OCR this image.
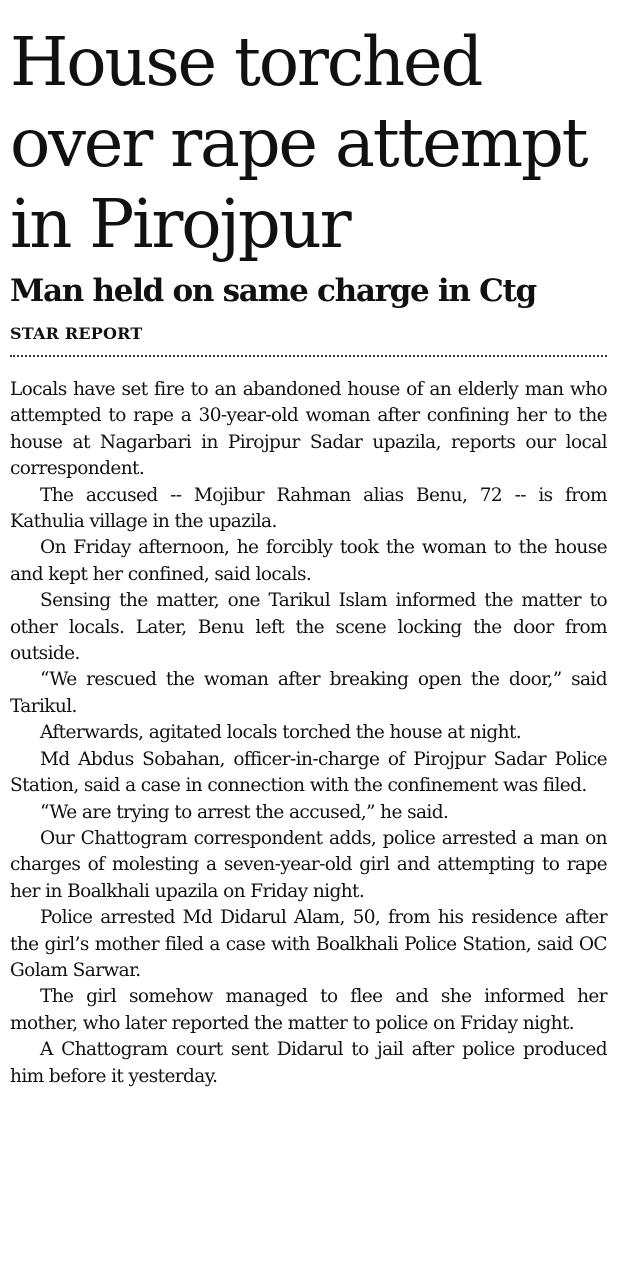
House torched over rape attempt in Pirojpur
Man held on same charge in Ctg
STAR REPORT

Locals have set fire to an abandoned house of an elderly man who attempted to rape a 30-year-old woman after confining her to the house at Nagarbari in Pirojpur Sadar upazila, reports our local correspondent.

The accused -- Mojibur Rahman alias Benu, 72 -- is from Kathulia village in the upazila.

On Friday afternoon, he forcibly took the woman to the house and kept her confined, said locals.

Sensing the matter, one Tarikul Islam informed the matter to other locals. Later, Benu left the scene locking the door from outside.

“We rescued the woman after breaking open the door,” said Tarikul.

Afterwards, agitated locals torched the house at night.

Md Abdus Sobahan, officer-in-charge of Pirojpur Sadar Police Station, said a case in connection with the confinement was filed.

“We are trying to arrest the accused,” he said.

Our Chattogram correspondent adds, police arrested a man on charges of molesting a seven-year-old girl and attempting to rape her in Boalkhali upazila on Friday night.

Police arrested Md Didarul Alam, 50, from his residence after the girl’s mother filed a case with Boalkhali Police Station, said OC Golam Sarwar.

The girl somehow managed to flee and she informed her mother, who later reported the matter to police on Friday night.

A Chattogram court sent Didarul to jail after police produced him before it yesterday.
